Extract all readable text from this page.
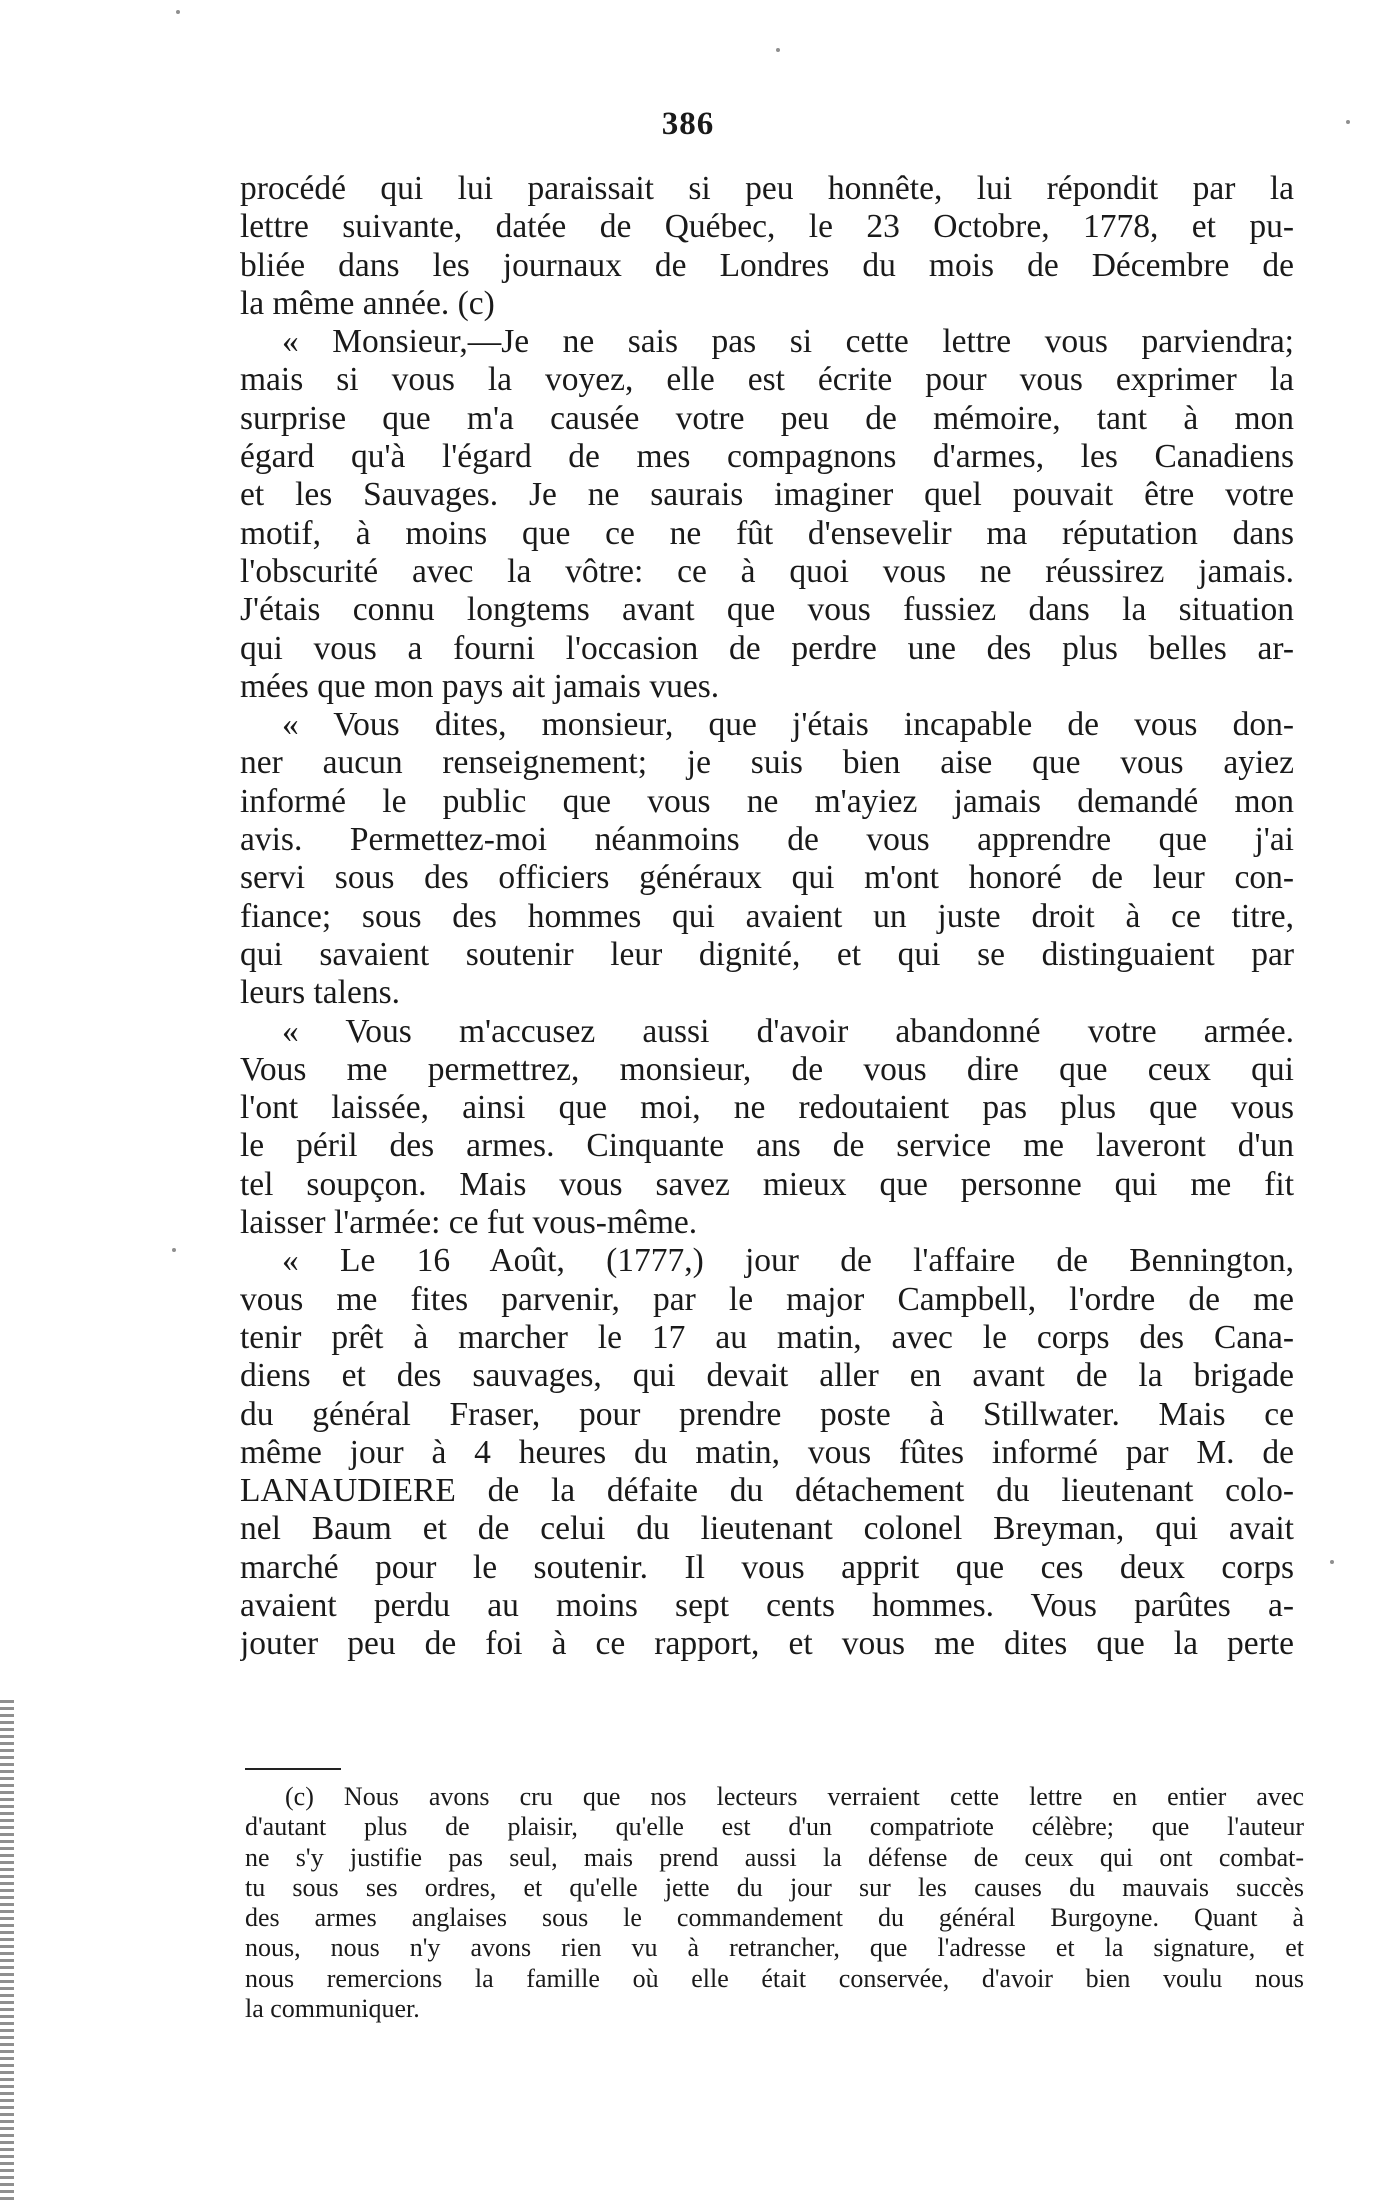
386
procédé qui lui paraissait si peu honnête, lui répondit par la
lettre suivante, datée de Québec, le 23 Octobre, 1778, et pu-
bliée dans les journaux de Londres du mois de Décembre de
la même année. (c)
« Monsieur,—Je ne sais pas si cette lettre vous parviendra;
mais si vous la voyez, elle est écrite pour vous exprimer la
surprise que m'a causée votre peu de mémoire, tant à mon
égard qu'à l'égard de mes compagnons d'armes, les Canadiens
et les Sauvages. Je ne saurais imaginer quel pouvait être votre
motif, à moins que ce ne fût d'ensevelir ma réputation dans
l'obscurité avec la vôtre: ce à quoi vous ne réussirez jamais.
J'étais connu longtems avant que vous fussiez dans la situation
qui vous a fourni l'occasion de perdre une des plus belles ar-
mées que mon pays ait jamais vues.
« Vous dites, monsieur, que j'étais incapable de vous don-
ner aucun renseignement; je suis bien aise que vous ayiez
informé le public que vous ne m'ayiez jamais demandé mon
avis. Permettez-moi néanmoins de vous apprendre que j'ai
servi sous des officiers généraux qui m'ont honoré de leur con-
fiance; sous des hommes qui avaient un juste droit à ce titre,
qui savaient soutenir leur dignité, et qui se distinguaient par
leurs talens.
« Vous m'accusez aussi d'avoir abandonné votre armée.
Vous me permettrez, monsieur, de vous dire que ceux qui
l'ont laissée, ainsi que moi, ne redoutaient pas plus que vous
le péril des armes. Cinquante ans de service me laveront d'un
tel soupçon. Mais vous savez mieux que personne qui me fit
laisser l'armée: ce fut vous-même.
« Le 16 Août, (1777,) jour de l'affaire de Bennington,
vous me fites parvenir, par le major Campbell, l'ordre de me
tenir prêt à marcher le 17 au matin, avec le corps des Cana-
diens et des sauvages, qui devait aller en avant de la brigade
du général Fraser, pour prendre poste à Stillwater. Mais ce
même jour à 4 heures du matin, vous fûtes informé par M. de
LANAUDIERE de la défaite du détachement du lieutenant colo-
nel Baum et de celui du lieutenant colonel Breyman, qui avait
marché pour le soutenir. Il vous apprit que ces deux corps
avaient perdu au moins sept cents hommes. Vous parûtes a-
jouter peu de foi à ce rapport, et vous me dites que la perte
(c) Nous avons cru que nos lecteurs verraient cette lettre en entier avec
d'autant plus de plaisir, qu'elle est d'un compatriote célèbre; que l'auteur
ne s'y justifie pas seul, mais prend aussi la défense de ceux qui ont combat-
tu sous ses ordres, et qu'elle jette du jour sur les causes du mauvais succès
des armes anglaises sous le commandement du général Burgoyne. Quant à
nous, nous n'y avons rien vu à retrancher, que l'adresse et la signature, et
nous remercions la famille où elle était conservée, d'avoir bien voulu nous
la communiquer.
